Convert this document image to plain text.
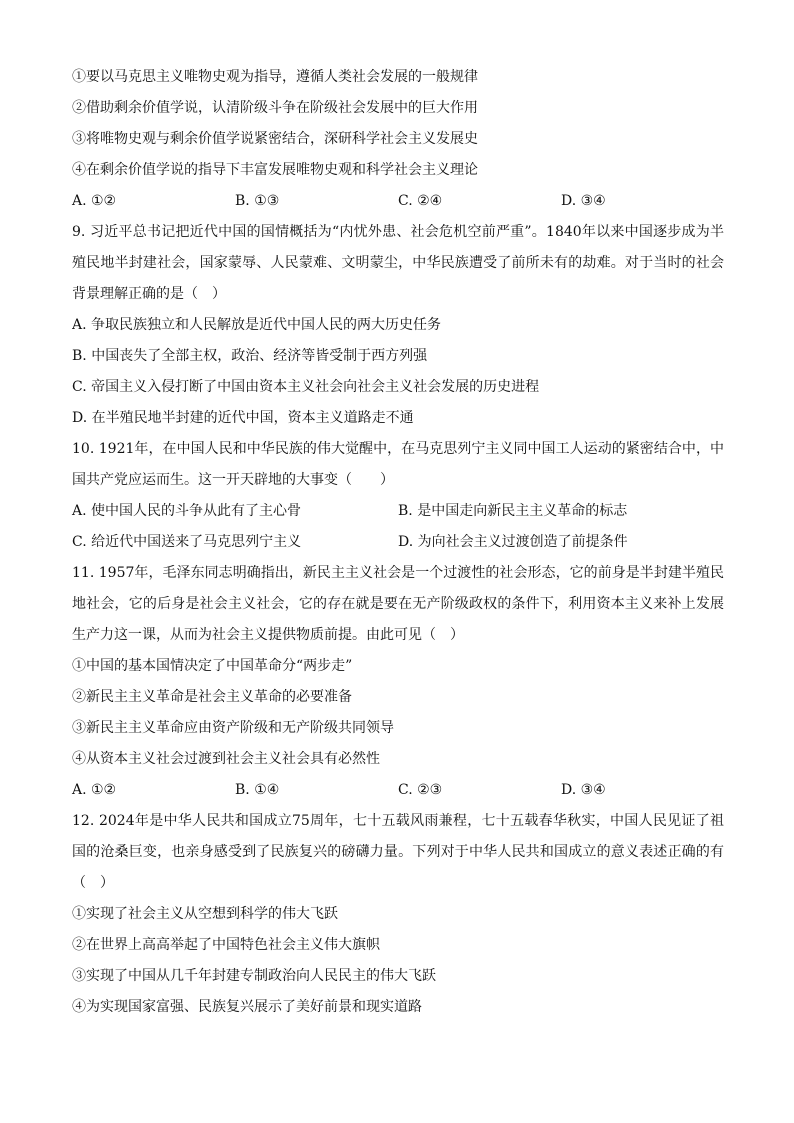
①要以马克思主义唯物史观为指导，遵循人类社会发展的一般规律
②借助剩余价值学说，认清阶级斗争在阶级社会发展中的巨大作用
③将唯物史观与剩余价值学说紧密结合，深研科学社会主义发展史
④在剩余价值学说的指导下丰富发展唯物史观和科学社会主义理论
A. ①②	B. ①③	C. ②④	D. ③④
9. 习近平总书记把近代中国的国情概括为“内忧外患、社会危机空前严重”。1840年以来中国逐步成为半殖民地半封建社会，国家蒙辱、人民蒙难、文明蒙尘，中华民族遭受了前所未有的劫难。对于当时的社会背景理解正确的是（　）
A. 争取民族独立和人民解放是近代中国人民的两大历史任务
B. 中国丧失了全部主权，政治、经济等皆受制于西方列强
C. 帝国主义入侵打断了中国由资本主义社会向社会主义社会发展的历史进程
D. 在半殖民地半封建的近代中国，资本主义道路走不通
10. 1921年，在中国人民和中华民族的伟大觉醒中，在马克思列宁主义同中国工人运动的紧密结合中，中国共产党应运而生。这一开天辟地的大事变（　　）
A. 使中国人民的斗争从此有了主心骨	B. 是中国走向新民主主义革命的标志
C. 给近代中国送来了马克思列宁主义	D. 为向社会主义过渡创造了前提条件
11. 1957年，毛泽东同志明确指出，新民主主义社会是一个过渡性的社会形态，它的前身是半封建半殖民地社会，它的后身是社会主义社会，它的存在就是要在无产阶级政权的条件下，利用资本主义来补上发展生产力这一课，从而为社会主义提供物质前提。由此可见（　）
①中国的基本国情决定了中国革命分“两步走”
②新民主主义革命是社会主义革命的必要准备
③新民主主义革命应由资产阶级和无产阶级共同领导
④从资本主义社会过渡到社会主义社会具有必然性
A. ①②	B. ①④	C. ②③	D. ③④
12. 2024年是中华人民共和国成立75周年，七十五载风雨兼程，七十五载春华秋实，中国人民见证了祖国的沧桑巨变，也亲身感受到了民族复兴的磅礴力量。下列对于中华人民共和国成立的意义表述正确的有（　）
①实现了社会主义从空想到科学的伟大飞跃
②在世界上高高举起了中国特色社会主义伟大旗帜
③实现了中国从几千年封建专制政治向人民民主的伟大飞跃
④为实现国家富强、民族复兴展示了美好前景和现实道路
